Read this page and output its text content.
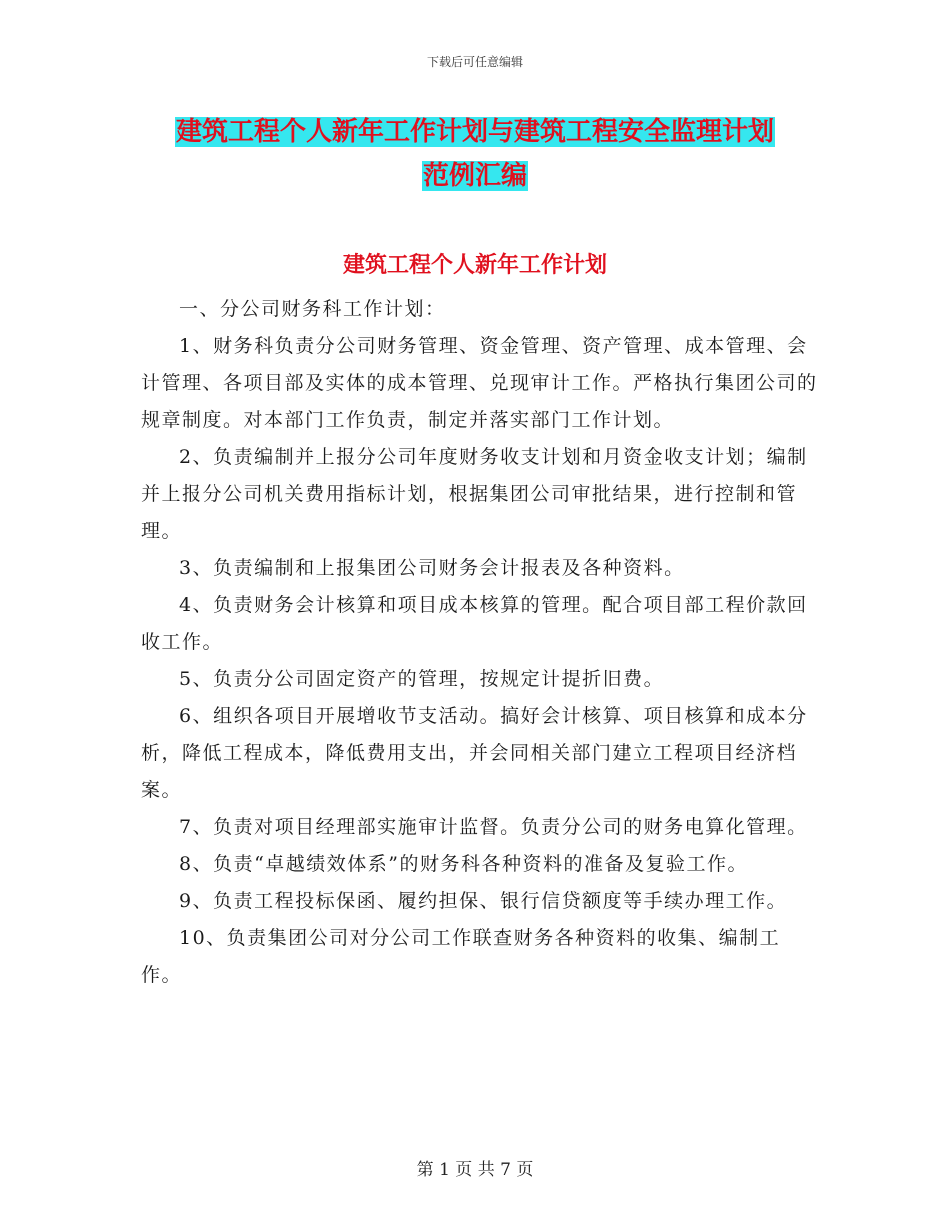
下载后可任意编辑
建筑工程个人新年工作计划与建筑工程安全监理计划
范例汇编
建筑工程个人新年工作计划

一、分公司财务科工作计划：

1、财务科负责分公司财务管理、资金管理、资产管理、成本管理、会计管理、各项目部及实体的成本管理、兑现审计工作。严格执行集团公司的规章制度。对本部门工作负责，制定并落实部门工作计划。

2、负责编制并上报分公司年度财务收支计划和月资金收支计划；编制并上报分公司机关费用指标计划，根据集团公司审批结果，进行控制和管理。

3、负责编制和上报集团公司财务会计报表及各种资料。

4、负责财务会计核算和项目成本核算的管理。配合项目部工程价款回收工作。

5、负责分公司固定资产的管理，按规定计提折旧费。

6、组织各项目开展增收节支活动。搞好会计核算、项目核算和成本分析，降低工程成本，降低费用支出，并会同相关部门建立工程项目经济档案。

7、负责对项目经理部实施审计监督。负责分公司的财务电算化管理。

8、负责“卓越绩效体系”的财务科各种资料的准备及复验工作。

9、负责工程投标保函、履约担保、银行信贷额度等手续办理工作。

10、负责集团公司对分公司工作联查财务各种资料的收集、编制工作。

第 1 页 共 7 页
